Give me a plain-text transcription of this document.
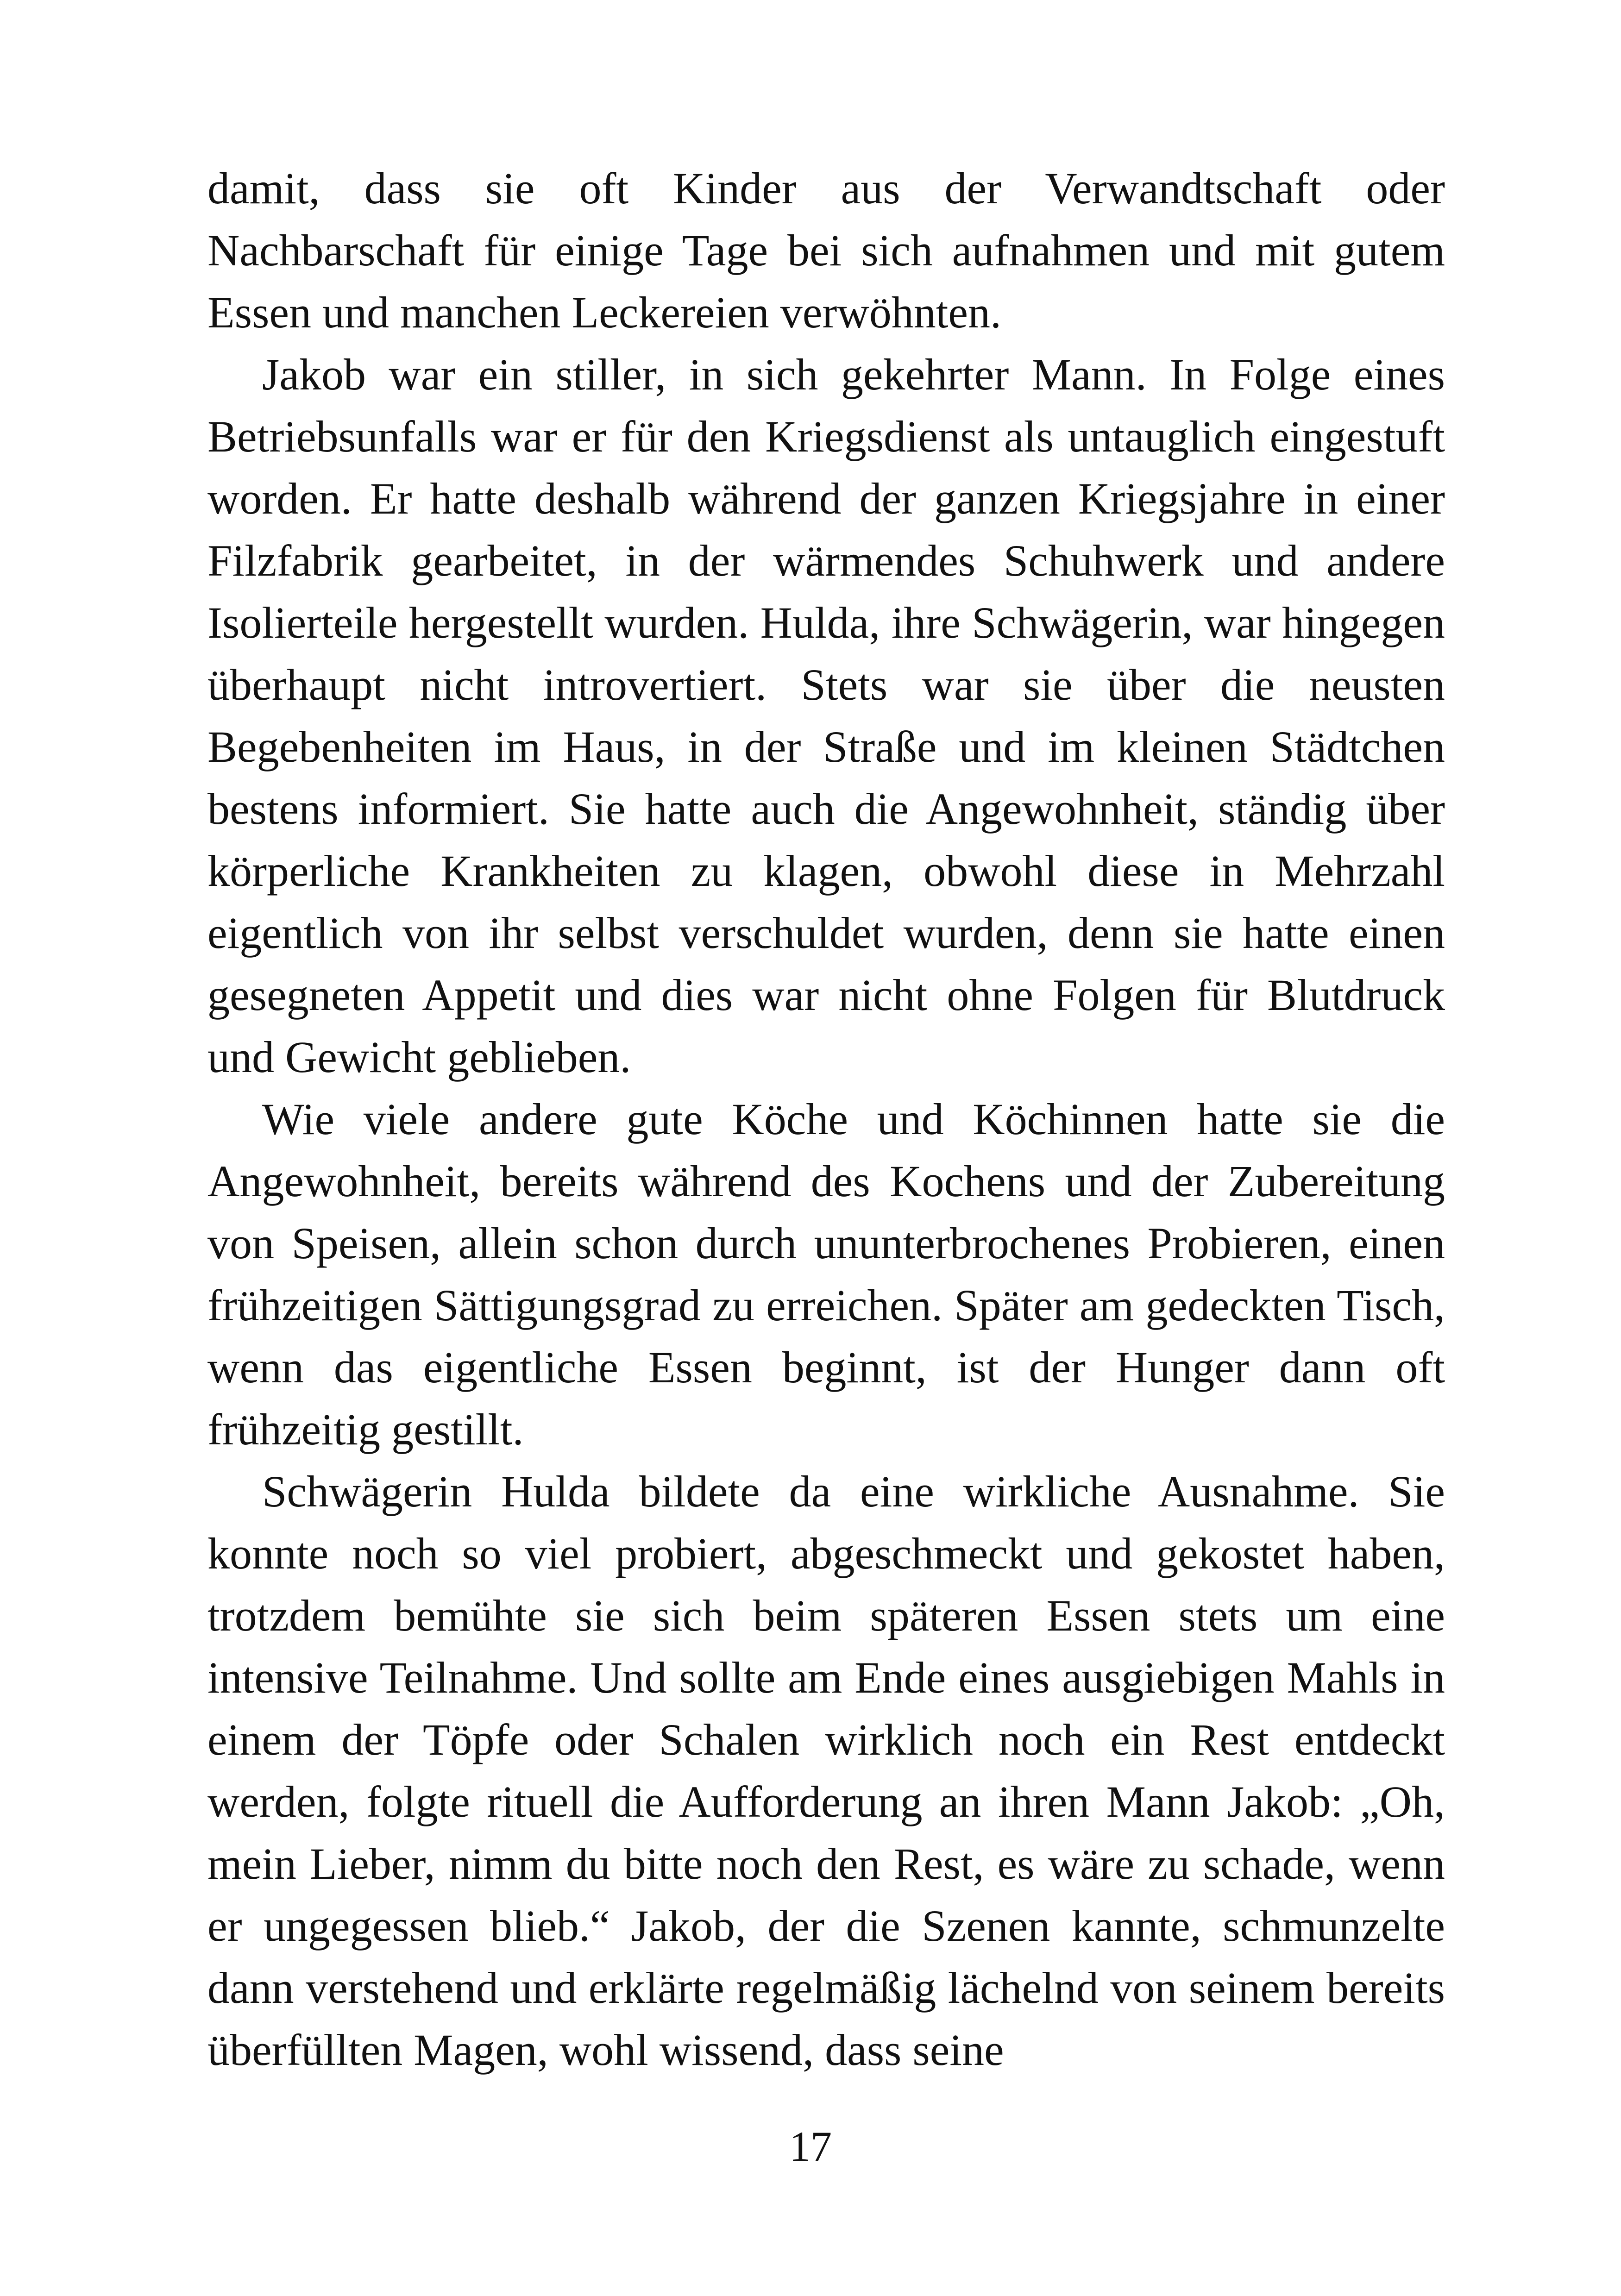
damit, dass sie oft Kinder aus der Verwandtschaft oder Nachbarschaft für einige Tage bei sich aufnahmen und mit gutem Essen und manchen Leckereien verwöhnten.

Jakob war ein stiller, in sich gekehrter Mann. In Folge eines Betriebsunfalls war er für den Kriegsdienst als untauglich eingestuft worden. Er hatte deshalb während der ganzen Kriegsjahre in einer Filzfabrik gearbeitet, in der wärmendes Schuhwerk und andere Isolierteile hergestellt wurden. Hulda, ihre Schwägerin, war hingegen überhaupt nicht introvertiert. Stets war sie über die neusten Begebenheiten im Haus, in der Straße und im kleinen Städtchen bestens informiert. Sie hatte auch die Angewohnheit, ständig über körperliche Krankheiten zu klagen, obwohl diese in Mehrzahl eigentlich von ihr selbst verschuldet wurden, denn sie hatte einen gesegneten Appetit und dies war nicht ohne Folgen für Blutdruck und Gewicht geblieben.

Wie viele andere gute Köche und Köchinnen hatte sie die Angewohnheit, bereits während des Kochens und der Zubereitung von Speisen, allein schon durch ununterbrochenes Probieren, einen frühzeitigen Sättigungsgrad zu erreichen. Später am gedeckten Tisch, wenn das eigentliche Essen beginnt, ist der Hunger dann oft frühzeitig gestillt.

Schwägerin Hulda bildete da eine wirkliche Ausnahme. Sie konnte noch so viel probiert, abgeschmeckt und gekostet haben, trotzdem bemühte sie sich beim späteren Essen stets um eine intensive Teilnahme. Und sollte am Ende eines ausgiebigen Mahls in einem der Töpfe oder Schalen wirklich noch ein Rest entdeckt werden, folgte rituell die Aufforderung an ihren Mann Jakob: „Oh, mein Lieber, nimm du bitte noch den Rest, es wäre zu schade, wenn er ungegessen blieb.“ Jakob, der die Szenen kannte, schmunzelte dann verstehend und erklärte regelmäßig lächelnd von seinem bereits überfüllten Magen, wohl wissend, dass seine

17
